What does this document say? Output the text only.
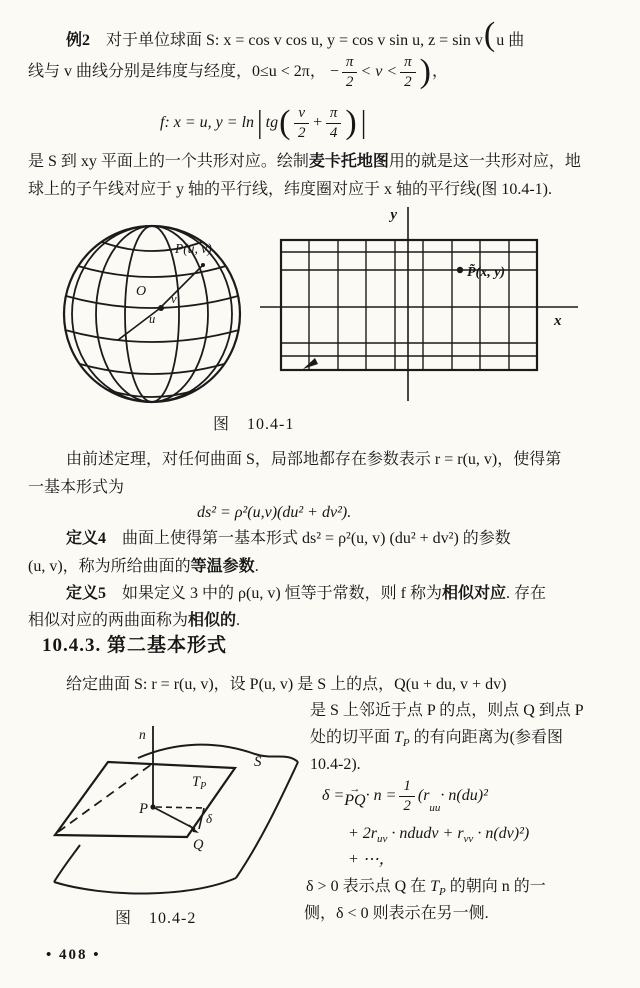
例2　对于单位球面 S: x = cos v cos u, y = cos v sin u, z = sin v(u 曲
线与 v 曲线分别是纬度与经度，0≤u < 2π， − $\frac{\pi}{2} < v < \frac{\pi}{2}$ ) ，
f: x = u, y = ln | tg ( $\frac{v}{2} + \frac{\pi}{4}$ ) |
是 S 到 xy 平面上的一个共形对应。绘制麦卡托地图用的就是这一共形对应，地
球上的子午线对应于 y 轴的平行线，纬度圈对应于 x 轴的平行线(图 10.4-1).
P(u, v)
O v
u
y
x
P̃(x, y)
图　10.4-1
由前述定理，对任何曲面 S，局部地都存在参数表示 r = r(u, v)，使得第
一基本形式为
ds² = ρ²(u,v)(du² + dv²).
定义4　曲面上使得第一基本形式 ds² = ρ²(u, v) (du² + dv²) 的参数
(u, v)，称为所给曲面的等温参数.
定义5　如果定义 3 中的 ρ(u, v) 恒等于常数，则 f 称为相似对应. 存在
相似对应的两曲面称为相似的.
10.4.3. 第二基本形式
给定曲面 S: r = r(u, v)，设 P(u, v) 是 S 上的点，Q(u + du, v + dv)
是 S 上邻近于点 P 的点，则点 Q 到点 P
处的切平面 $T_P$ 的有向距离为(参看图
10.4-2).
n
$T_P$
S
P
Q
δ
δ = →
PQ · $n = \frac{1}{2} (r$
$_{uu}$
· n(du)²
+ $2r_{uv}$ · ndudv + $r_{vv} \cdot n(dv)^2$)
+ ⋯，
δ > 0 表示点 Q 在 $T_P$ 的朝向 n 的一
侧，δ < 0 则表示在另一侧.
图　10.4-2
• 408 •
